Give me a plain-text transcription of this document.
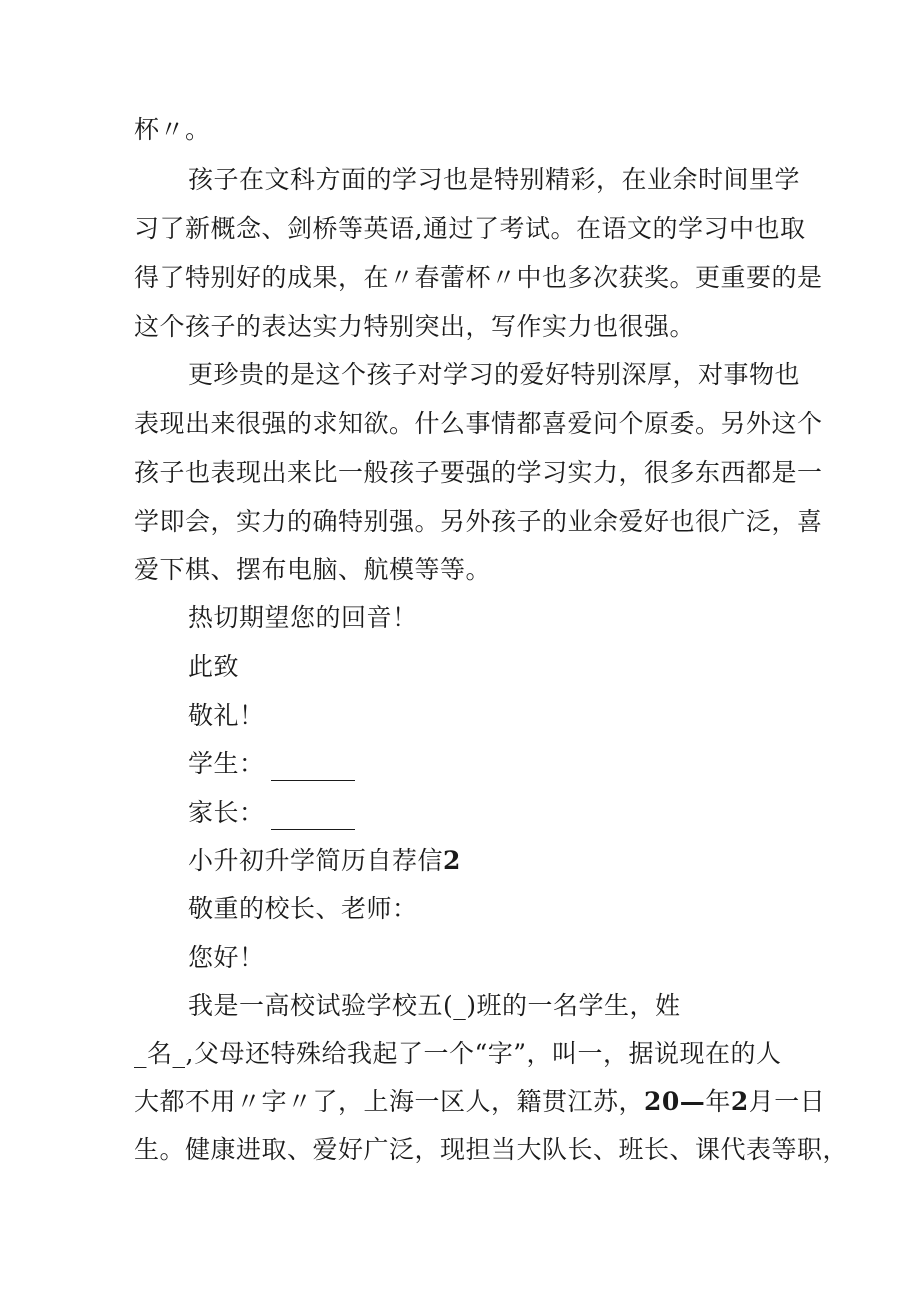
杯〃。
孩子在文科方面的学习也是特别精彩，在业余时间里学
习了新概念、剑桥等英语,通过了考试。在语文的学习中也取
得了特别好的成果，在〃春蕾杯〃中也多次获奖。更重要的是
这个孩子的表达实力特别突出，写作实力也很强。
更珍贵的是这个孩子对学习的爱好特别深厚，对事物也
表现出来很强的求知欲。什么事情都喜爱问个原委。另外这个
孩子也表现出来比一般孩子要强的学习实力，很多东西都是一
学即会，实力的确特别强。另外孩子的业余爱好也很广泛，喜
爱下棋、摆布电脑、航模等等。
热切期望您的回音！
此致
敬礼！
学生：
家长：
小升初升学简历自荐信2
敬重的校长、老师：
您好！
我是一高校试验学校五(_)班的一名学生，姓
_名_,父母还特殊给我起了一个“字”，叫一，据说现在的人
大都不用〃字〃了，上海一区人，籍贯江苏，20—年2月一日
生。健康进取、爱好广泛，现担当大队长、班长、课代表等职，
